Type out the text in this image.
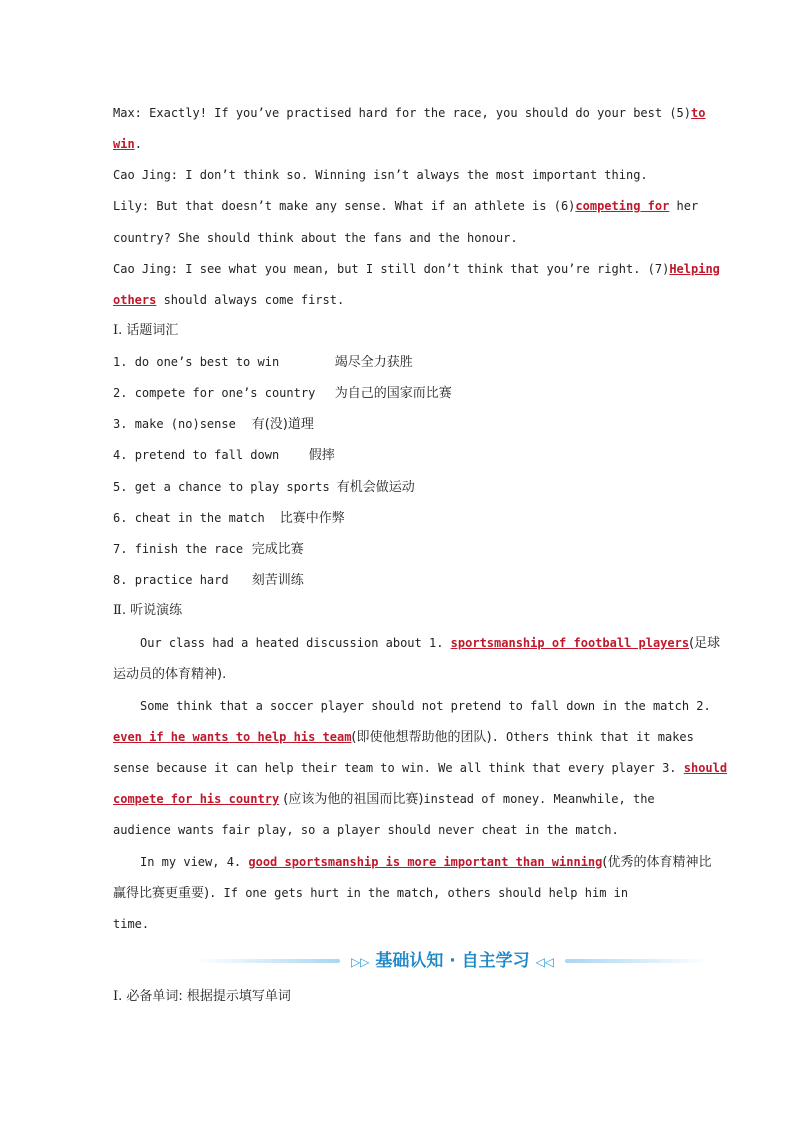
Max: Exactly! If you’ve practised hard for the race, you should do your best (5)to
win.
Cao Jing: I don’t think so. Winning isn’t always the most important thing.
Lily: But that doesn’t make any sense. What if an athlete is (6)competing for her
country? She should think about the fans and the honour.
Cao Jing: I see what you mean, but I still don’t think that you’re right. (7)Helping
others should always come first.
Ⅰ. 话题词汇
1. do one’s best to win	竭尽全力获胜
2. compete for one’s country 为自己的国家而比赛
3. make (no)sense 有(没)道理
4. pretend to fall down 假摔
5. get a chance to play sports 有机会做运动
6. cheat in the match 比赛中作弊
7. finish the race 完成比赛
8. practice hard 刻苦训练
Ⅱ. 听说演练
Our class had a heated discussion about 1. sportsmanship of football players(足球
运动员的体育精神).
Some think that a soccer player should not pretend to fall down in the match 2.
even if he wants to help his team(即使他想帮助他的团队). Others think that it makes
sense because it can help their team to win. We all think that every player 3. should
compete for his country (应该为他的祖国而比赛)instead of money. Meanwhile, the
audience wants fair play, so a player should never cheat in the match.
In my view, 4. good sportsmanship is more important than winning(优秀的体育精神比
赢得比赛更重要). If one gets hurt in the match, others should help him in
time.
▷▷ 基础认知 · 自主学习 ◁◁
Ⅰ. 必备单词: 根据提示填写单词
